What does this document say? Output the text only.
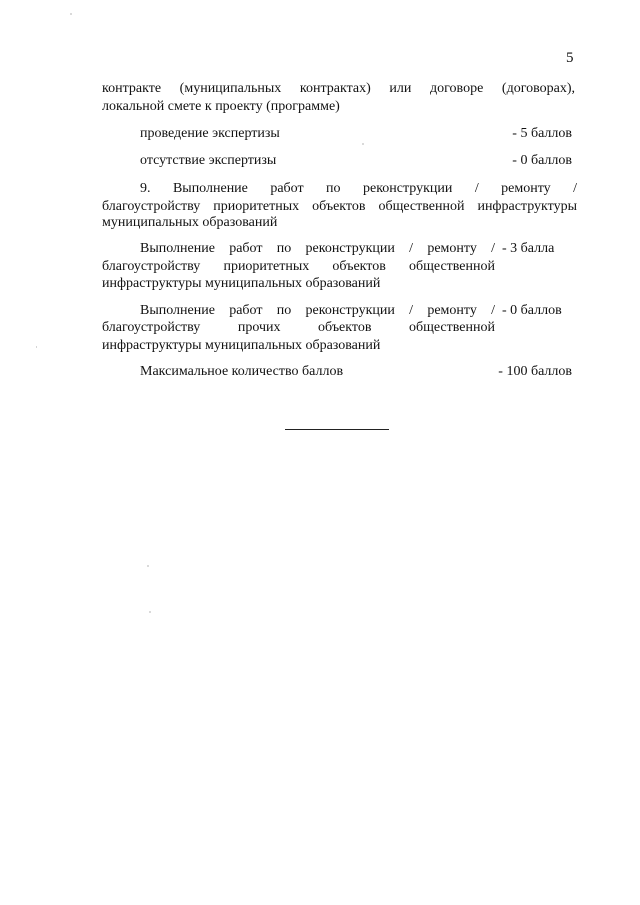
5
контракте (муниципальных контрактах) или договоре (договорах),
локальной смете к проекту (программе)
проведение экспертизы	- 5 баллов
отсутствие экспертизы	- 0 баллов
9. Выполнение работ по реконструкции / ремонту /
благоустройству приоритетных объектов общественной инфраструктуры
муниципальных образований
Выполнение работ по реконструкции / ремонту /
благоустройству приоритетных объектов общественной
инфраструктуры муниципальных образований
- 3 балла
Выполнение работ по реконструкции / ремонту /
благоустройству прочих объектов общественной
инфраструктуры муниципальных образований
- 0 баллов
Максимальное количество баллов	- 100 баллов
